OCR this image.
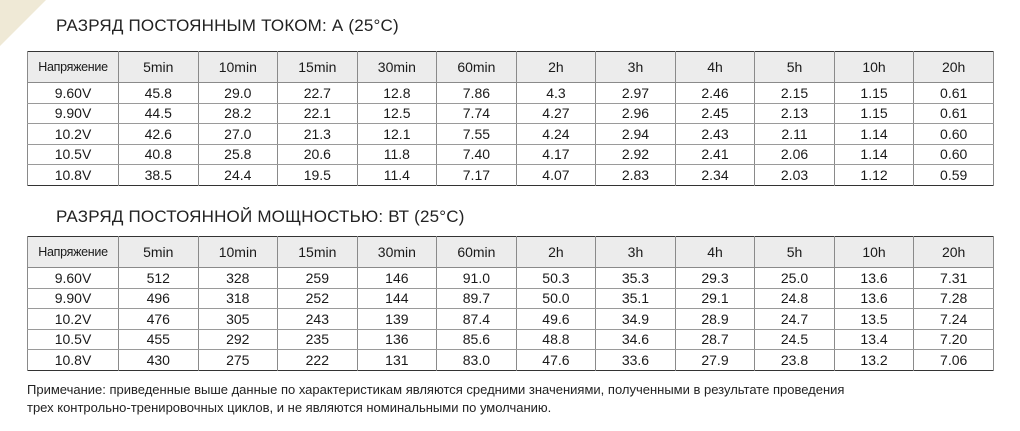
РАЗРЯД ПОСТОЯННЫМ ТОКОМ: А (25°С)
Напряжение	5min	10min	15min	30min	60min	2h	3h	4h	5h	10h	20h
9.60V	45.8	29.0	22.7	12.8	7.86	4.3	2.97	2.46	2.15	1.15	0.61
9.90V	44.5	28.2	22.1	12.5	7.74	4.27	2.96	2.45	2.13	1.15	0.61
10.2V	42.6	27.0	21.3	12.1	7.55	4.24	2.94	2.43	2.11	1.14	0.60
10.5V	40.8	25.8	20.6	11.8	7.40	4.17	2.92	2.41	2.06	1.14	0.60
10.8V	38.5	24.4	19.5	11.4	7.17	4.07	2.83	2.34	2.03	1.12	0.59
РАЗРЯД ПОСТОЯННОЙ МОЩНОСТЬЮ: ВТ (25°С)
Напряжение	5min	10min	15min	30min	60min	2h	3h	4h	5h	10h	20h
9.60V	512	328	259	146	91.0	50.3	35.3	29.3	25.0	13.6	7.31
9.90V	496	318	252	144	89.7	50.0	35.1	29.1	24.8	13.6	7.28
10.2V	476	305	243	139	87.4	49.6	34.9	28.9	24.7	13.5	7.24
10.5V	455	292	235	136	85.6	48.8	34.6	28.7	24.5	13.4	7.20
10.8V	430	275	222	131	83.0	47.6	33.6	27.9	23.8	13.2	7.06
Примечание: приведенные выше данные по характеристикам являются средними значениями, полученными в результате проведения
трех контрольно-тренировочных циклов, и не являются номинальными по умолчанию.
